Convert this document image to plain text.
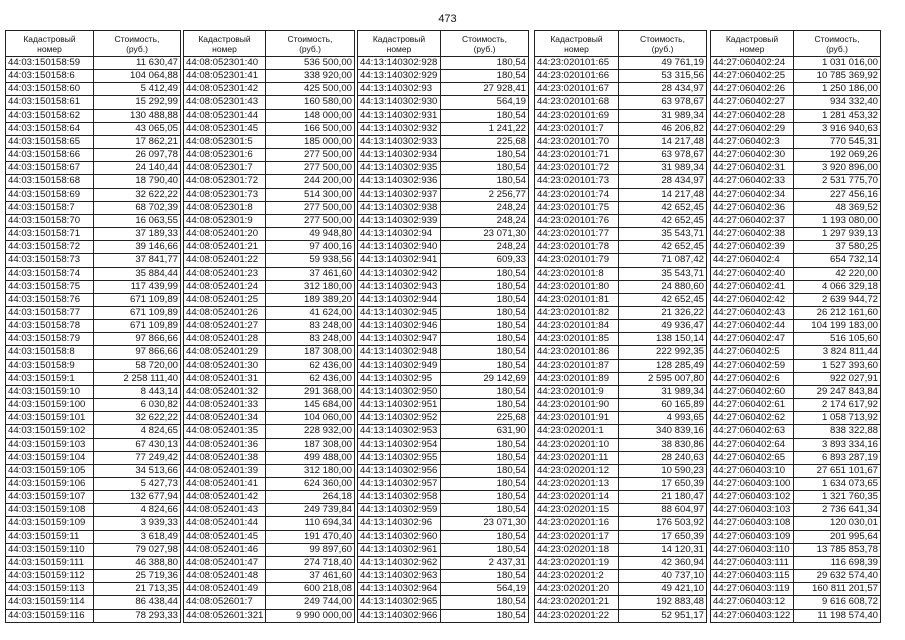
473
Кадастровый
номер
Стоимость,
(руб.)
44:03:150158:59	11 630,47
44:03:150158:6	104 064,88
44:03:150158:60	5 412,49
44:03:150158:61	15 292,99
44:03:150158:62	130 488,88
44:03:150158:64	43 065,05
44:03:150158:65	17 862,21
44:03:150158:66	26 097,78
44:03:150158:67	24 140,44
44:03:150158:68	18 790,40
44:03:150158:69	32 622,22
44:03:150158:7	68 702,39
44:03:150158:70	16 063,55
44:03:150158:71	37 189,33
44:03:150158:72	39 146,66
44:03:150158:73	37 841,77
44:03:150158:74	35 884,44
44:03:150158:75	117 439,99
44:03:150158:76	671 109,89
44:03:150158:77	671 109,89
44:03:150158:78	671 109,89
44:03:150158:79	97 866,66
44:03:150158:8	97 866,66
44:03:150158:9	58 720,00
44:03:150159:1	2 258 111,40
44:03:150159:10	8 443,14
44:03:150159:100	6 030,82
44:03:150159:101	32 622,22
44:03:150159:102	4 824,65
44:03:150159:103	67 430,13
44:03:150159:104	77 249,42
44:03:150159:105	34 513,66
44:03:150159:106	5 427,73
44:03:150159:107	132 677,94
44:03:150159:108	4 824,66
44:03:150159:109	3 939,33
44:03:150159:11	3 618,49
44:03:150159:110	79 027,98
44:03:150159:111	46 388,80
44:03:150159:112	25 719,36
44:03:150159:113	21 713,35
44:03:150159:114	86 438,44
44:03:150159:116	78 293,33
Кадастровый
номер
Стоимость,
(руб.)
44:08:052301:40	536 500,00
44:08:052301:41	338 920,00
44:08:052301:42	425 500,00
44:08:052301:43	160 580,00
44:08:052301:44	148 000,00
44:08:052301:45	166 500,00
44:08:052301:5	185 000,00
44:08:052301:6	277 500,00
44:08:052301:7	277 500,00
44:08:052301:72	244 200,00
44:08:052301:73	514 300,00
44:08:052301:8	277 500,00
44:08:052301:9	277 500,00
44:08:052401:20	49 948,80
44:08:052401:21	97 400,16
44:08:052401:22	59 938,56
44:08:052401:23	37 461,60
44:08:052401:24	312 180,00
44:08:052401:25	189 389,20
44:08:052401:26	41 624,00
44:08:052401:27	83 248,00
44:08:052401:28	83 248,00
44:08:052401:29	187 308,00
44:08:052401:30	62 436,00
44:08:052401:31	62 436,00
44:08:052401:32	291 368,00
44:08:052401:33	145 684,00
44:08:052401:34	104 060,00
44:08:052401:35	228 932,00
44:08:052401:36	187 308,00
44:08:052401:38	499 488,00
44:08:052401:39	312 180,00
44:08:052401:41	624 360,00
44:08:052401:42	264,18
44:08:052401:43	249 739,84
44:08:052401:44	110 694,34
44:08:052401:45	191 470,40
44:08:052401:46	99 897,60
44:08:052401:47	274 718,40
44:08:052401:48	37 461,60
44:08:052401:49	600 218,08
44:08:052601:7	249 744,00
44:08:052601:321	9 990 000,00
Кадастровый
номер
Стоимость,
(руб.)
44:13:140302:928	180,54
44:13:140302:929	180,54
44:13:140302:93	27 928,41
44:13:140302:930	564,19
44:13:140302:931	180,54
44:13:140302:932	1 241,22
44:13:140302:933	225,68
44:13:140302:934	180,54
44:13:140302:935	180,54
44:13:140302:936	180,54
44:13:140302:937	2 256,77
44:13:140302:938	248,24
44:13:140302:939	248,24
44:13:140302:94	23 071,30
44:13:140302:940	248,24
44:13:140302:941	609,33
44:13:140302:942	180,54
44:13:140302:943	180,54
44:13:140302:944	180,54
44:13:140302:945	180,54
44:13:140302:946	180,54
44:13:140302:947	180,54
44:13:140302:948	180,54
44:13:140302:949	180,54
44:13:140302:95	29 142,69
44:13:140302:950	180,54
44:13:140302:951	180,54
44:13:140302:952	225,68
44:13:140302:953	631,90
44:13:140302:954	180,54
44:13:140302:955	180,54
44:13:140302:956	180,54
44:13:140302:957	180,54
44:13:140302:958	180,54
44:13:140302:959	180,54
44:13:140302:96	23 071,30
44:13:140302:960	180,54
44:13:140302:961	180,54
44:13:140302:962	2 437,31
44:13:140302:963	180,54
44:13:140302:964	564,19
44:13:140302:965	180,54
44:13:140302:966	180,54
Кадастровый
номер
Стоимость,
(руб.)
44:23:020101:65	49 761,19
44:23:020101:66	53 315,56
44:23:020101:67	28 434,97
44:23:020101:68	63 978,67
44:23:020101:69	31 989,34
44:23:020101:7	46 206,82
44:23:020101:70	14 217,48
44:23:020101:71	63 978,67
44:23:020101:72	31 989,34
44:23:020101:73	28 434,97
44:23:020101:74	14 217,48
44:23:020101:75	42 652,45
44:23:020101:76	42 652,45
44:23:020101:77	35 543,71
44:23:020101:78	42 652,45
44:23:020101:79	71 087,42
44:23:020101:8	35 543,71
44:23:020101:80	24 880,60
44:23:020101:81	42 652,45
44:23:020101:82	21 326,22
44:23:020101:84	49 936,47
44:23:020101:85	138 150,14
44:23:020101:86	222 992,35
44:23:020101:87	128 285,49
44:23:020101:89	2 595 007,80
44:23:020101:9	31 989,34
44:23:020101:90	60 165,89
44:23:020101:91	4 993,65
44:23:020201:1	340 839,16
44:23:020201:10	38 830,86
44:23:020201:11	28 240,63
44:23:020201:12	10 590,23
44:23:020201:13	17 650,39
44:23:020201:14	21 180,47
44:23:020201:15	88 604,97
44:23:020201:16	176 503,92
44:23:020201:17	17 650,39
44:23:020201:18	14 120,31
44:23:020201:19	42 360,94
44:23:020201:2	40 737,10
44:23:020201:20	49 421,10
44:23:020201:21	192 883,48
44:23:020201:22	52 951,17
Кадастровый
номер
Стоимость,
(руб.)
44:27:060402:24	1 031 016,00
44:27:060402:25	10 785 369,92
44:27:060402:26	1 250 186,00
44:27:060402:27	934 332,40
44:27:060402:28	1 281 453,32
44:27:060402:29	3 916 940,63
44:27:060402:3	770 545,31
44:27:060402:30	192 069,26
44:27:060402:31	3 920 896,00
44:27:060402:33	2 531 775,70
44:27:060402:34	227 456,16
44:27:060402:36	48 369,52
44:27:060402:37	1 193 080,00
44:27:060402:38	1 297 939,13
44:27:060402:39	37 580,25
44:27:060402:4	654 732,14
44:27:060402:40	42 220,00
44:27:060402:41	4 066 329,18
44:27:060402:42	2 639 944,72
44:27:060402:43	26 212 161,60
44:27:060402:44	104 199 183,00
44:27:060402:47	516 105,60
44:27:060402:5	3 824 811,44
44:27:060402:59	1 527 393,60
44:27:060402:6	922 027,91
44:27:060402:60	29 247 843,84
44:27:060402:61	2 174 617,92
44:27:060402:62	1 058 713,92
44:27:060402:63	838 322,88
44:27:060402:64	3 893 334,16
44:27:060402:65	6 893 287,19
44:27:060403:10	27 651 101,67
44:27:060403:100	1 634 073,65
44:27:060403:102	1 321 760,35
44:27:060403:103	2 736 641,34
44:27:060403:108	120 030,01
44:27:060403:109	201 995,64
44:27:060403:110	13 785 853,78
44:27:060403:111	116 698,39
44:27:060403:115	29 632 574,40
44:27:060403:119	160 811 201,57
44:27:060403:12	9 616 608,72
44:27:060403:122	11 198 574,40
